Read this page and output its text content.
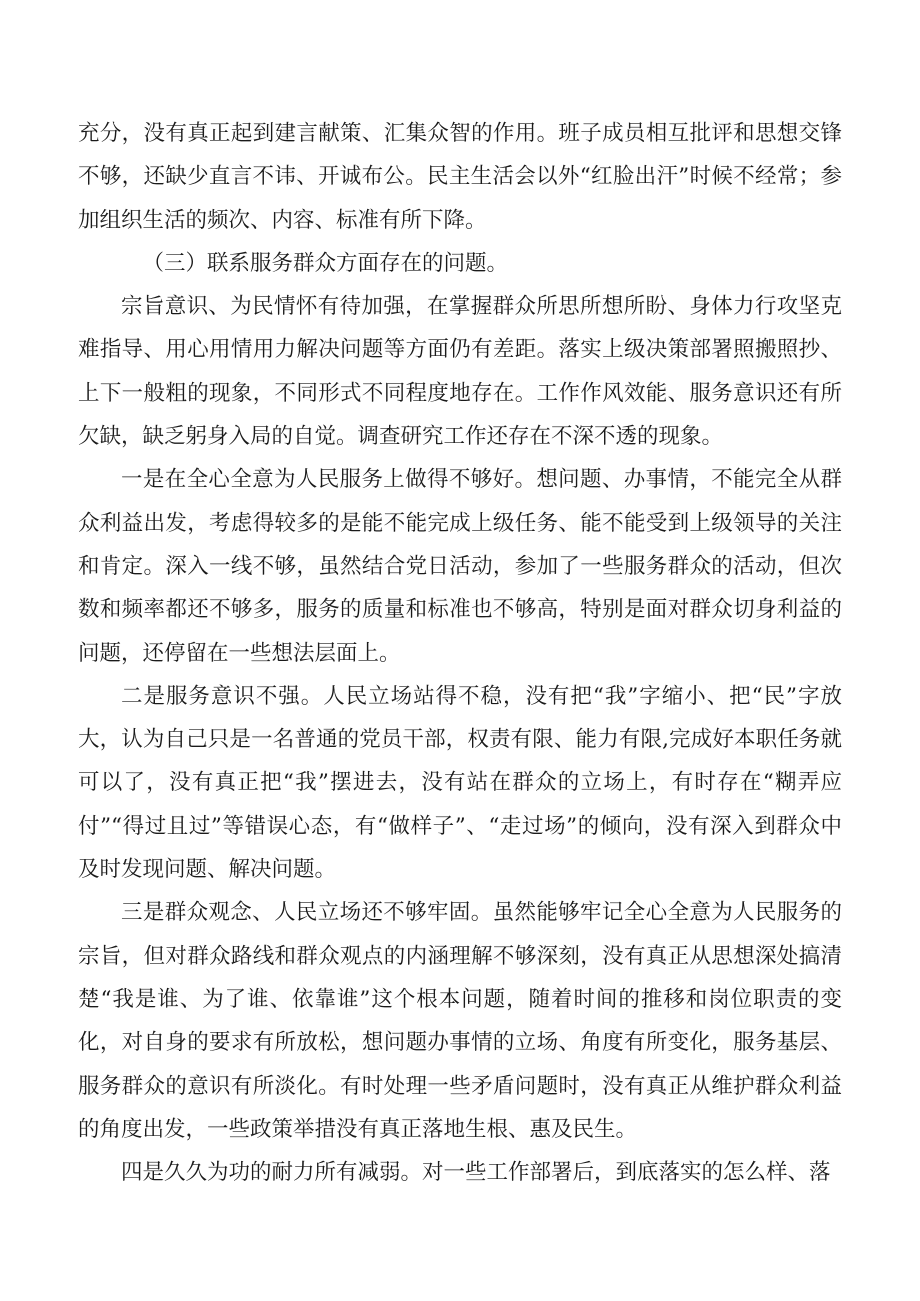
充分，没有真正起到建言献策、汇集众智的作用。班子成员相互批评和思想交锋不够，还缺少直言不讳、开诚布公。民主生活会以外“红脸出汗”时候不经常；参加组织生活的频次、内容、标准有所下降。

（三）联系服务群众方面存在的问题。

宗旨意识、为民情怀有待加强，在掌握群众所思所想所盼、身体力行攻坚克难指导、用心用情用力解决问题等方面仍有差距。落实上级决策部署照搬照抄、上下一般粗的现象，不同形式不同程度地存在。工作作风效能、服务意识还有所欠缺，缺乏躬身入局的自觉。调查研究工作还存在不深不透的现象。

一是在全心全意为人民服务上做得不够好。想问题、办事情，不能完全从群众利益出发，考虑得较多的是能不能完成上级任务、能不能受到上级领导的关注和肯定。深入一线不够，虽然结合党日活动，参加了一些服务群众的活动，但次数和频率都还不够多，服务的质量和标准也不够高，特别是面对群众切身利益的问题，还停留在一些想法层面上。

二是服务意识不强。人民立场站得不稳，没有把“我”字缩小、把“民”字放大，认为自己只是一名普通的党员干部，权责有限、能力有限,完成好本职任务就可以了，没有真正把“我”摆进去，没有站在群众的立场上，有时存在“糊弄应付”“得过且过”等错误心态，有“做样子”、“走过场”的倾向，没有深入到群众中及时发现问题、解决问题。

三是群众观念、人民立场还不够牢固。虽然能够牢记全心全意为人民服务的宗旨，但对群众路线和群众观点的内涵理解不够深刻，没有真正从思想深处搞清楚“我是谁、为了谁、依靠谁”这个根本问题，随着时间的推移和岗位职责的变化，对自身的要求有所放松，想问题办事情的立场、角度有所变化，服务基层、服务群众的意识有所淡化。有时处理一些矛盾问题时，没有真正从维护群众利益的角度出发，一些政策举措没有真正落地生根、惠及民生。

四是久久为功的耐力所有减弱。对一些工作部署后，到底落实的怎么样、落
